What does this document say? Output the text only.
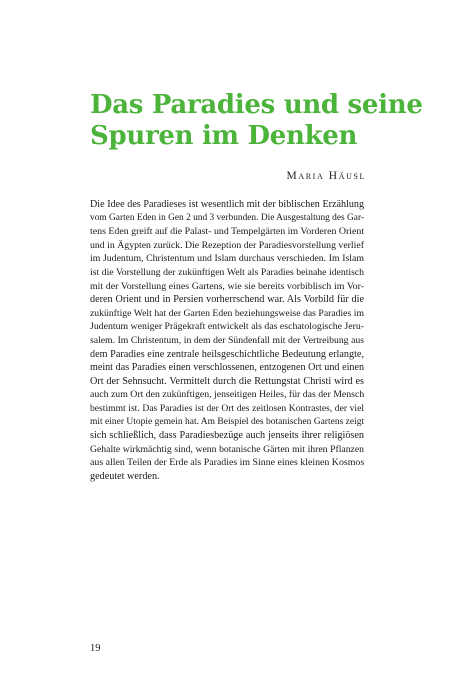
Das Paradies und seine
Spuren im Denken
Maria Häusl
Die Idee des Paradieses ist wesentlich mit der biblischen Erzählung
vom Garten Eden in Gen 2 und 3 verbunden. Die Ausgestaltung des Gar-
tens Eden greift auf die Palast- und Tempelgärten im Vorderen Orient
und in Ägypten zurück. Die Rezeption der Paradiesvorstellung verlief
im Judentum, Christentum und Islam durchaus verschieden. Im Islam
ist die Vorstellung der zukünftigen Welt als Paradies beinahe identisch
mit der Vorstellung eines Gartens, wie sie bereits vorbiblisch im Vor-
deren Orient und in Persien vorherrschend war. Als Vorbild für die
zukünftige Welt hat der Garten Eden beziehungsweise das Paradies im
Judentum weniger Prägekraft entwickelt als das eschatologische Jeru-
salem. Im Christentum, in dem der Sündenfall mit der Vertreibung aus
dem Paradies eine zentrale heilsgeschichtliche Bedeutung erlangte,
meint das Paradies einen verschlossenen, entzogenen Ort und einen
Ort der Sehnsucht. Vermittelt durch die Rettungstat Christi wird es
auch zum Ort den zukünftigen, jenseitigen Heiles, für das der Mensch
bestimmt ist. Das Paradies ist der Ort des zeitlosen Kontrastes, der viel
mit einer Utopie gemein hat. Am Beispiel des botanischen Gartens zeigt
sich schließlich, dass Paradiesbezüge auch jenseits ihrer religiösen
Gehalte wirkmächtig sind, wenn botanische Gärten mit ihren Pflanzen
aus allen Teilen der Erde als Paradies im Sinne eines kleinen Kosmos
gedeutet werden.
19
